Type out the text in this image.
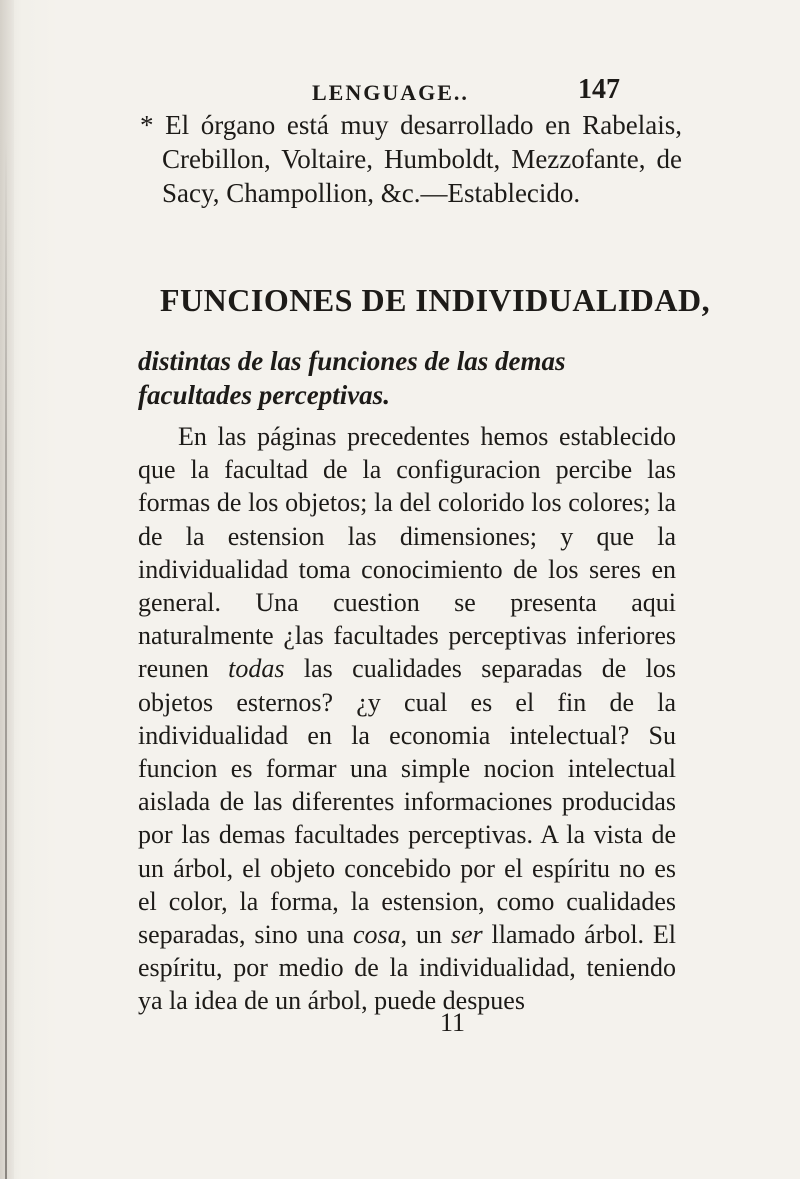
LENGUAGE..	147
* El órgano está muy desarrollado en Rabelais, Crebillon, Voltaire, Humboldt, Mezzofante, de Sacy, Champollion, &c.—Establecido.
FUNCIONES DE INDIVIDUALIDAD,
distintas de las funciones de las demas facultades perceptivas.

En las páginas precedentes hemos establecido que la facultad de la configuracion percibe las formas de los objetos; la del colorido los colores; la de la estension las dimensiones; y que la individualidad toma conocimiento de los seres en general. Una cuestion se presenta aqui naturalmente ¿las facultades perceptivas inferiores reunen todas las cualidades separadas de los objetos esternos? ¿y cual es el fin de la individualidad en la economia intelectual? Su funcion es formar una simple nocion intelectual aislada de las diferentes informaciones producidas por las demas facultades perceptivas. A la vista de un árbol, el objeto concebido por el espíritu no es el color, la forma, la estension, como cualidades separadas, sino una cosa, un ser llamado árbol. El espíritu, por medio de la individualidad, teniendo ya la idea de un árbol, puede despues

11
